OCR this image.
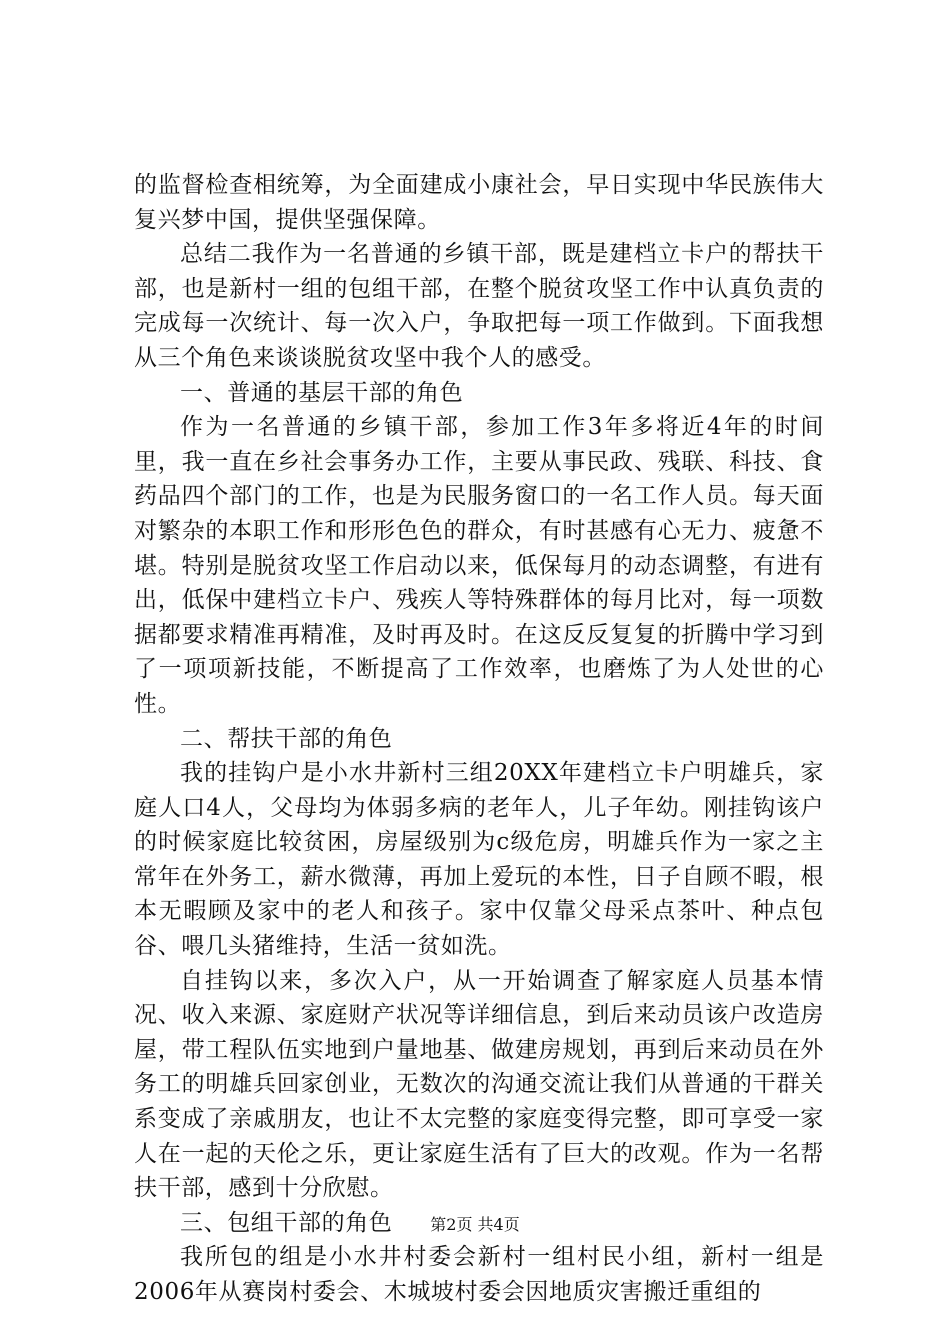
的监督检查相统筹，为全面建成小康社会，早日实现中华民族伟大复兴梦中国，提供坚强保障。

总结二我作为一名普通的乡镇干部，既是建档立卡户的帮扶干部，也是新村一组的包组干部，在整个脱贫攻坚工作中认真负责的完成每一次统计、每一次入户，争取把每一项工作做到。下面我想从三个角色来谈谈脱贫攻坚中我个人的感受。

一、普通的基层干部的角色

作为一名普通的乡镇干部，参加工作3年多将近4年的时间里，我一直在乡社会事务办工作，主要从事民政、残联、科技、食药品四个部门的工作，也是为民服务窗口的一名工作人员。每天面对繁杂的本职工作和形形色色的群众，有时甚感有心无力、疲惫不堪。特别是脱贫攻坚工作启动以来，低保每月的动态调整，有进有出，低保中建档立卡户、残疾人等特殊群体的每月比对，每一项数据都要求精准再精准，及时再及时。在这反反复复的折腾中学习到了一项项新技能，不断提高了工作效率，也磨炼了为人处世的心性。

二、帮扶干部的角色

我的挂钩户是小水井新村三组20XX年建档立卡户明雄兵，家庭人口4人，父母均为体弱多病的老年人，儿子年幼。刚挂钩该户的时候家庭比较贫困，房屋级别为c级危房，明雄兵作为一家之主常年在外务工，薪水微薄，再加上爱玩的本性，日子自顾不暇，根本无暇顾及家中的老人和孩子。家中仅靠父母采点茶叶、种点包谷、喂几头猪维持，生活一贫如洗。

自挂钩以来，多次入户，从一开始调查了解家庭人员基本情况、收入来源、家庭财产状况等详细信息，到后来动员该户改造房屋，带工程队伍实地到户量地基、做建房规划，再到后来动员在外务工的明雄兵回家创业，无数次的沟通交流让我们从普通的干群关系变成了亲戚朋友，也让不太完整的家庭变得完整，即可享受一家人在一起的天伦之乐，更让家庭生活有了巨大的改观。作为一名帮扶干部，感到十分欣慰。

三、包组干部的角色

我所包的组是小水井村委会新村一组村民小组，新村一组是2006年从赛岗村委会、木城坡村委会因地质灾害搬迁重组的

第2页 共4页
